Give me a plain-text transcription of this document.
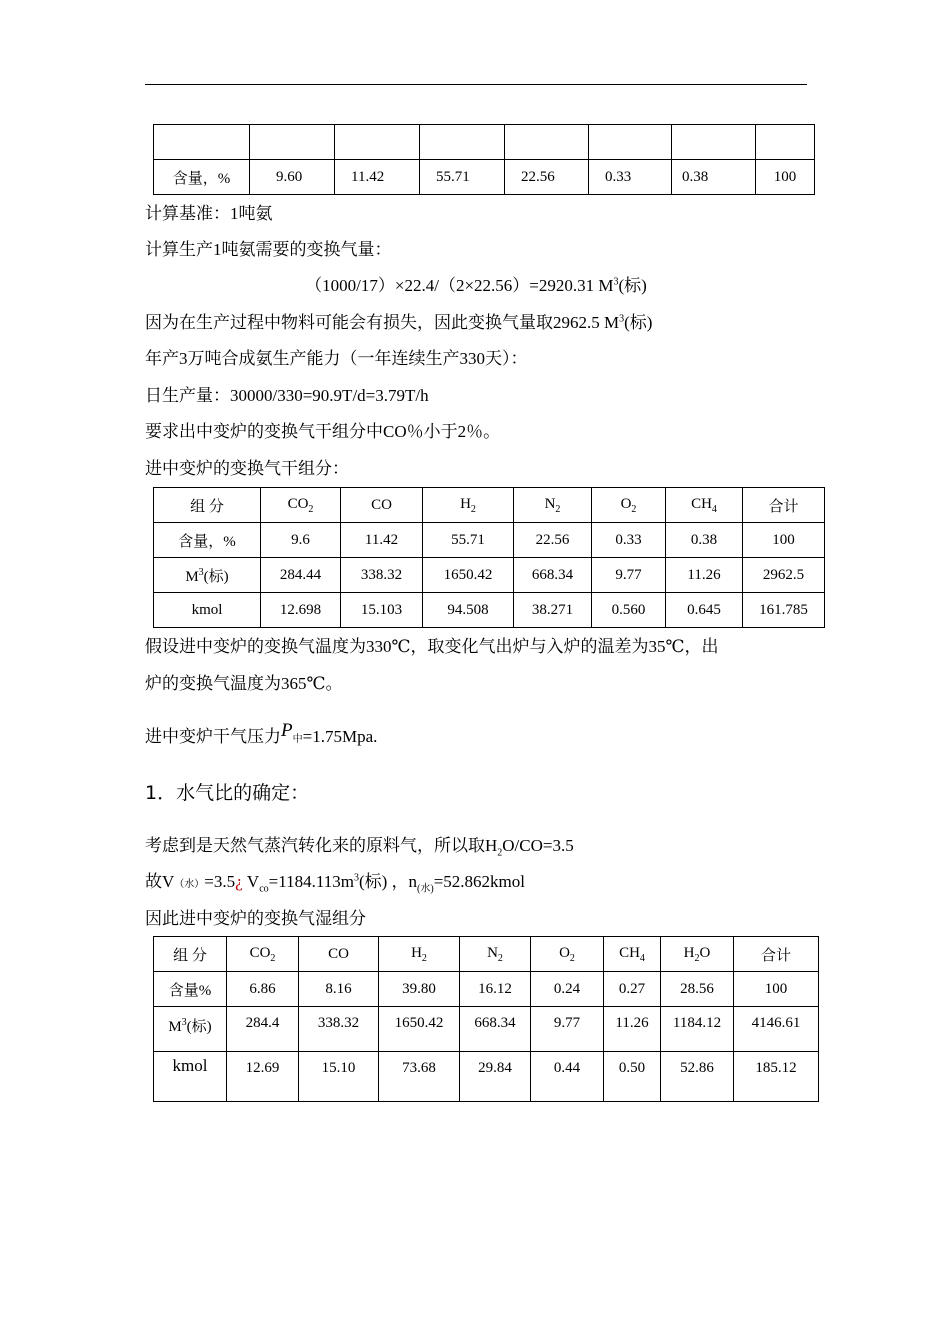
含量，%	9.60	11.42	55.71	22.56	0.33	0.38	100
计算基准：1吨氨
计算生产1吨氨需要的变换气量：
（1000/17）×22.4/（2×22.56）=2920.31 $M^3$(标)
因为在生产过程中物料可能会有损失，因此变换气量取2962.5 $M^3$(标)
年产3万吨合成氨生产能力（一年连续生产330天）：
日生产量：30000/330=90.9T/d=3.79T/h
要求出中变炉的变换气干组分中CO％小于2％。
进中变炉的变换气干组分：
组 分	$CO_2$	CO	$H_2$	$N_2$	$O_2$	$CH_4$	合计
含量，%	9.6	11.42	55.71	22.56	0.33	0.38	100
$M^3$(标)	284.44	338.32	1650.42	668.34	9.77	11.26	2962.5
kmol	12.698	15.103	94.508	38.271	0.560	0.645	161.785
假设进中变炉的变换气温度为330℃，取变化气出炉与入炉的温差为35℃，出
炉的变换气温度为365℃。
进中变炉干气压力P中=1.75Mpa.
1．水气比的确定：
考虑到是天然气蒸汽转化来的原料气，所以取$H_2O/CO=3.5$
故V（水）=3.5¿ $V_{co}=1184.113m^3$(标) ，$n_{(水)}=52.862kmol$
因此进中变炉的变换气湿组分
组 分	$CO_2$	CO	$H_2$	$N_2$	$O_2$	$CH_4$	$H_2O$	合计
含量%	6.86	8.16	39.80	16.12	0.24	0.27	28.56	100
$M^3$(标)	284.4	338.32	1650.42	668.34	9.77	11.26	1184.12	4146.61
kmol	12.69	15.10	73.68	29.84	0.44	0.50	52.86	185.12
